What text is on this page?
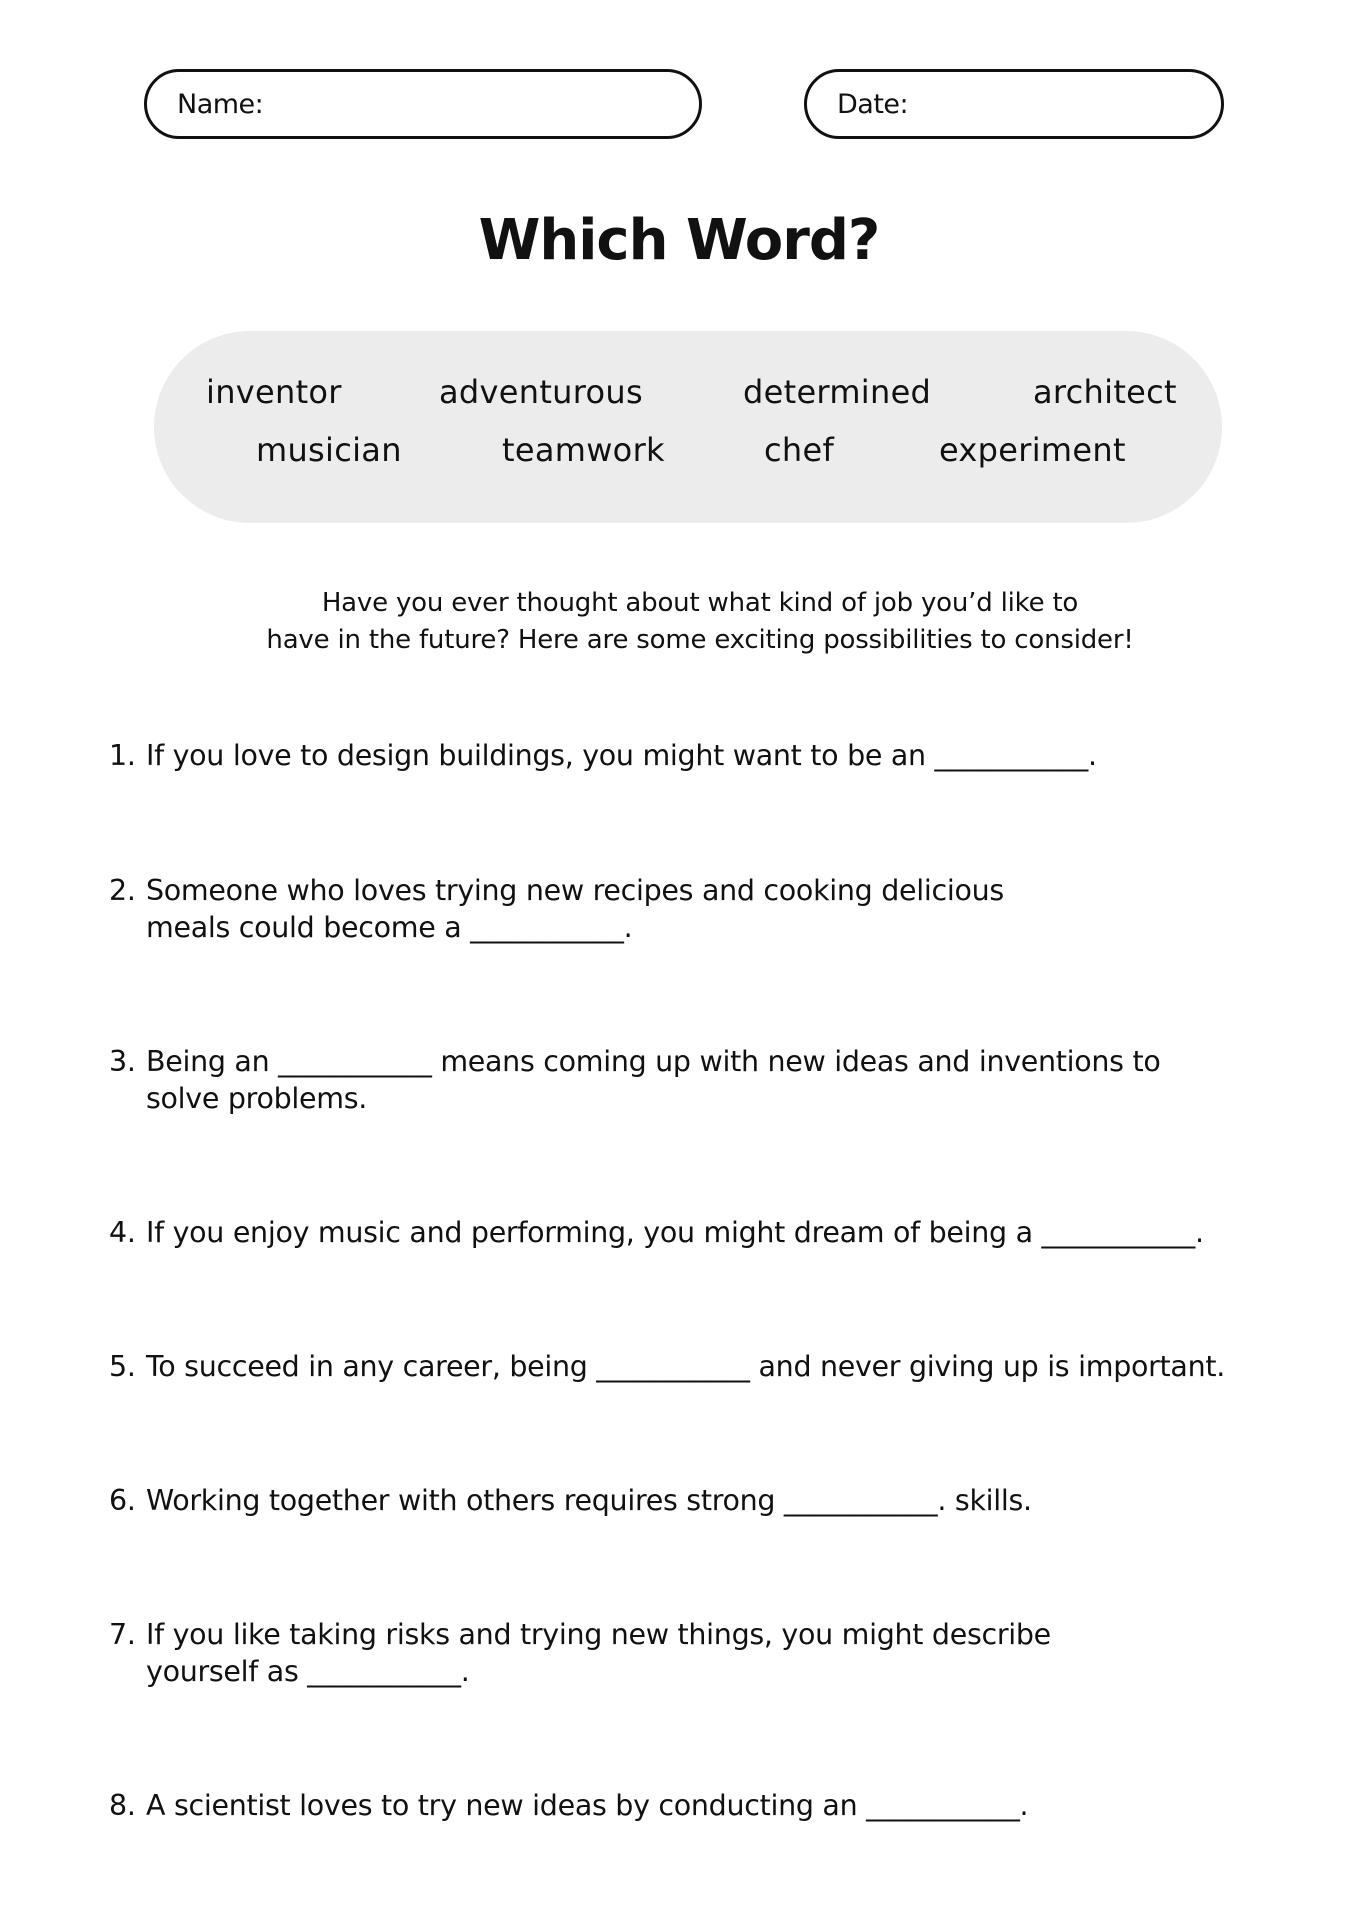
Name:	Date:
Which Word?
inventor	adventurous	determined	architect
musician	teamwork	chef	experiment
Have you ever thought about what kind of job you’d like to
have in the future? Here are some exciting possibilities to consider!
1. If you love to design buildings, you might want to be an ___________.
2. Someone who loves trying new recipes and cooking delicious
meals could become a ___________.
3. Being an ___________ means coming up with new ideas and inventions to
solve problems.
4. If you enjoy music and performing, you might dream of being a ___________.
5. To succeed in any career, being ___________ and never giving up is important.
6. Working together with others requires strong ___________. skills.
7. If you like taking risks and trying new things, you might describe
yourself as ___________.
8. A scientist loves to try new ideas by conducting an ___________.
